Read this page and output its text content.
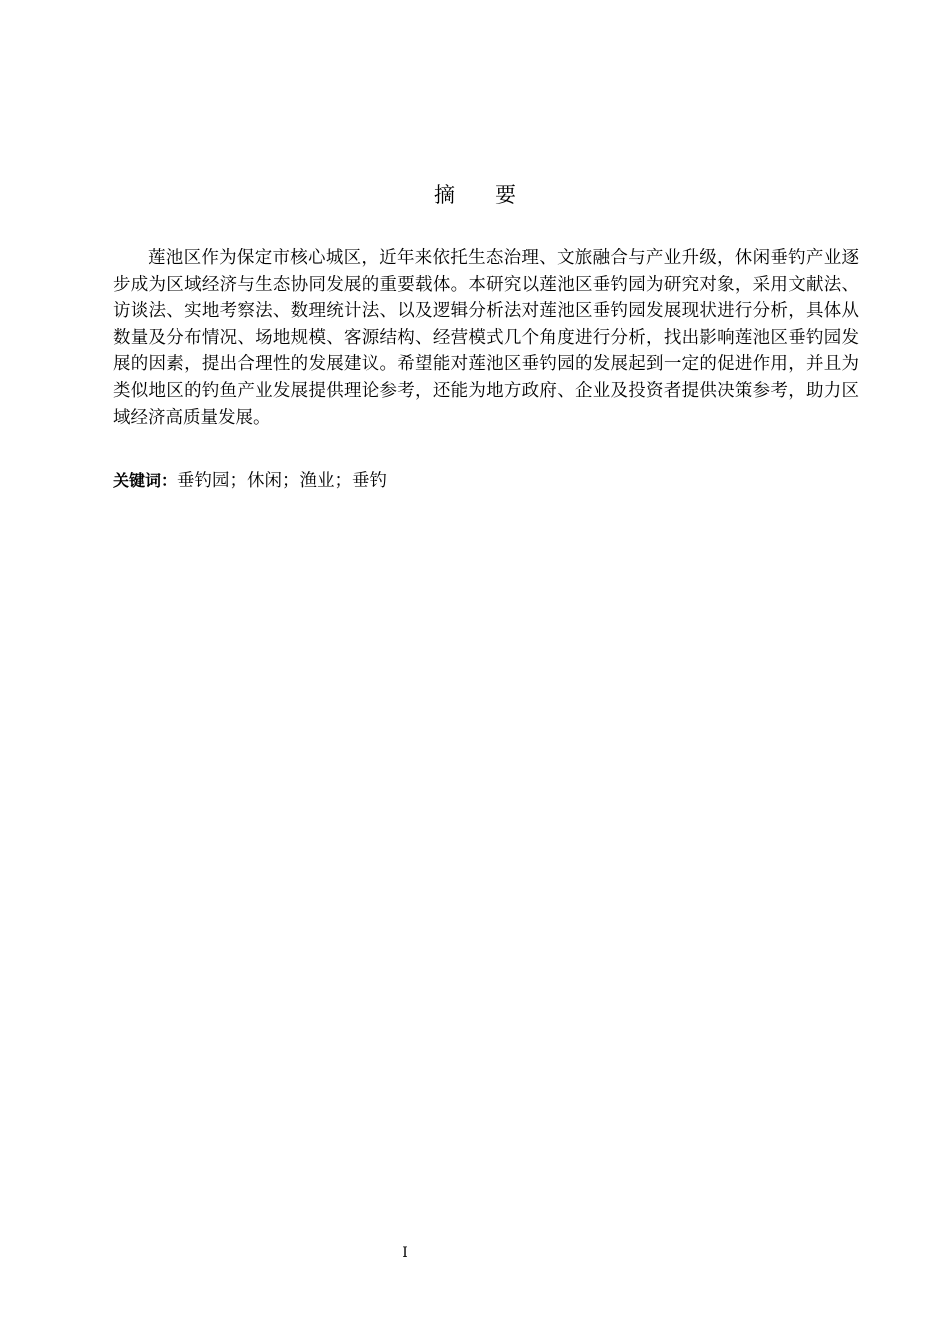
摘要

莲池区作为保定市核心城区，近年来依托生态治理、文旅融合与产业升级，休闲垂钓产业逐步成为区域经济与生态协同发展的重要载体。本研究以莲池区垂钓园为研究对象，采用文献法、访谈法、实地考察法、数理统计法、以及逻辑分析法对莲池区垂钓园发展现状进行分析，具体从数量及分布情况、场地规模、客源结构、经营模式几个角度进行分析，找出影响莲池区垂钓园发展的因素，提出合理性的发展建议。希望能对莲池区垂钓园的发展起到一定的促进作用，并且为类似地区的钓鱼产业发展提供理论参考，还能为地方政府、企业及投资者提供决策参考，助力区域经济高质量发展。

关键词：垂钓园；休闲；渔业；垂钓

I
